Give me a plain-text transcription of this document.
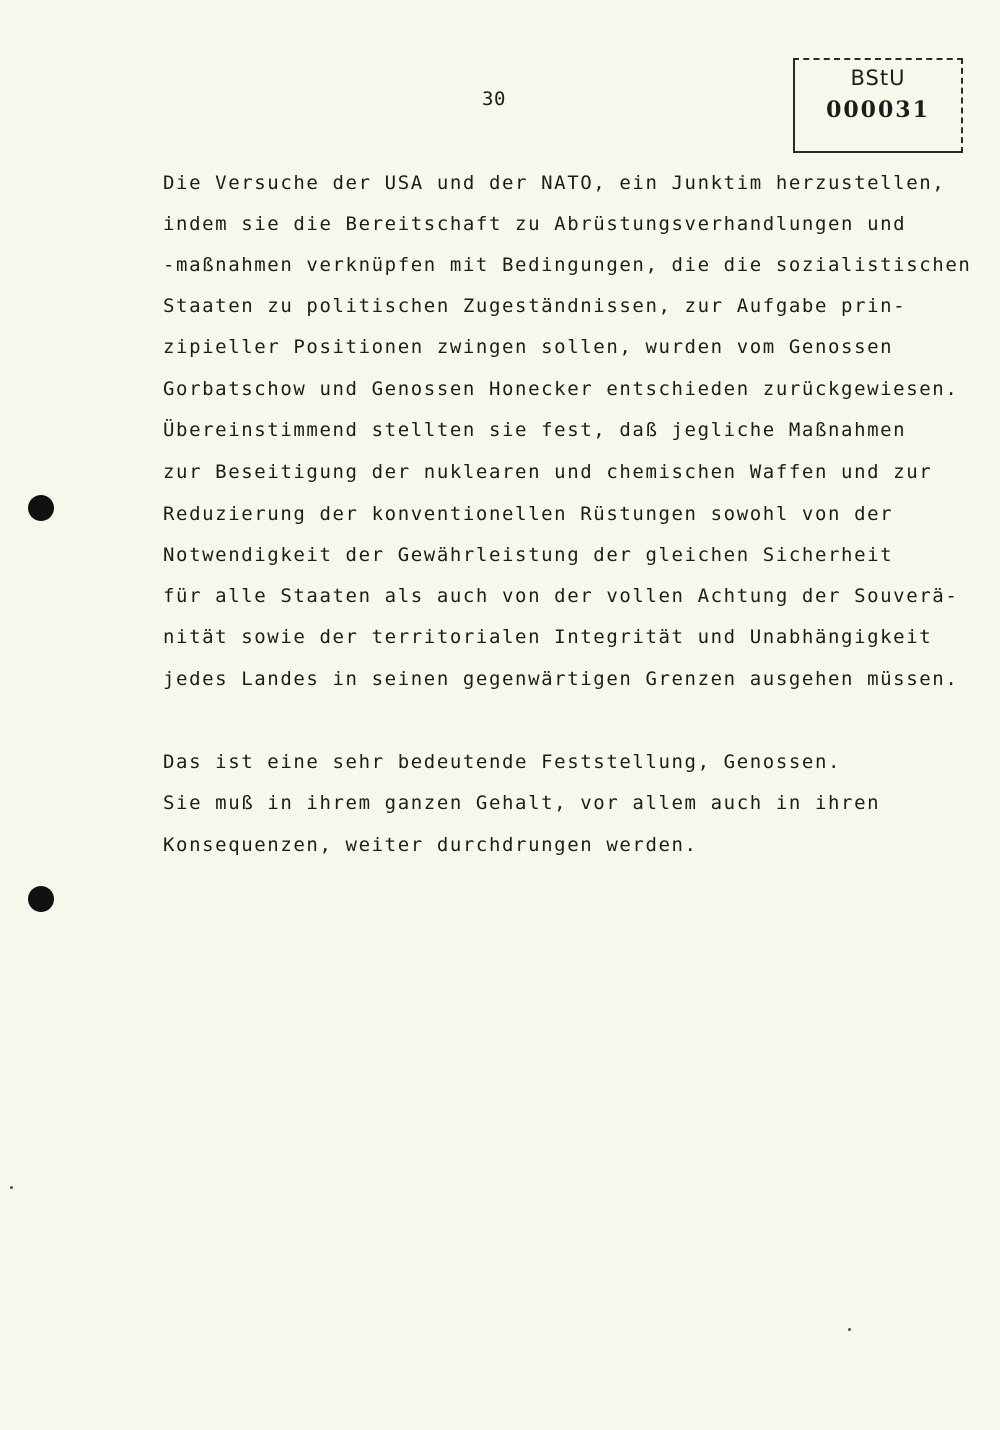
30
BStU
000031
Die Versuche der USA und der NATO, ein Junktim herzustellen,
indem sie die Bereitschaft zu Abrüstungsverhandlungen und
-maßnahmen verknüpfen mit Bedingungen, die die sozialistischen
Staaten zu politischen Zugeständnissen, zur Aufgabe prin-
zipieller Positionen zwingen sollen, wurden vom Genossen
Gorbatschow und Genossen Honecker entschieden zurückgewiesen.
Übereinstimmend stellten sie fest, daß jegliche Maßnahmen
zur Beseitigung der nuklearen und chemischen Waffen und zur
Reduzierung der konventionellen Rüstungen sowohl von der
Notwendigkeit der Gewährleistung der gleichen Sicherheit
für alle Staaten als auch von der vollen Achtung der Souverä-
nität sowie der territorialen Integrität und Unabhängigkeit
jedes Landes in seinen gegenwärtigen Grenzen ausgehen müssen.
Das ist eine sehr bedeutende Feststellung, Genossen.
Sie muß in ihrem ganzen Gehalt, vor allem auch in ihren
Konsequenzen, weiter durchdrungen werden.
